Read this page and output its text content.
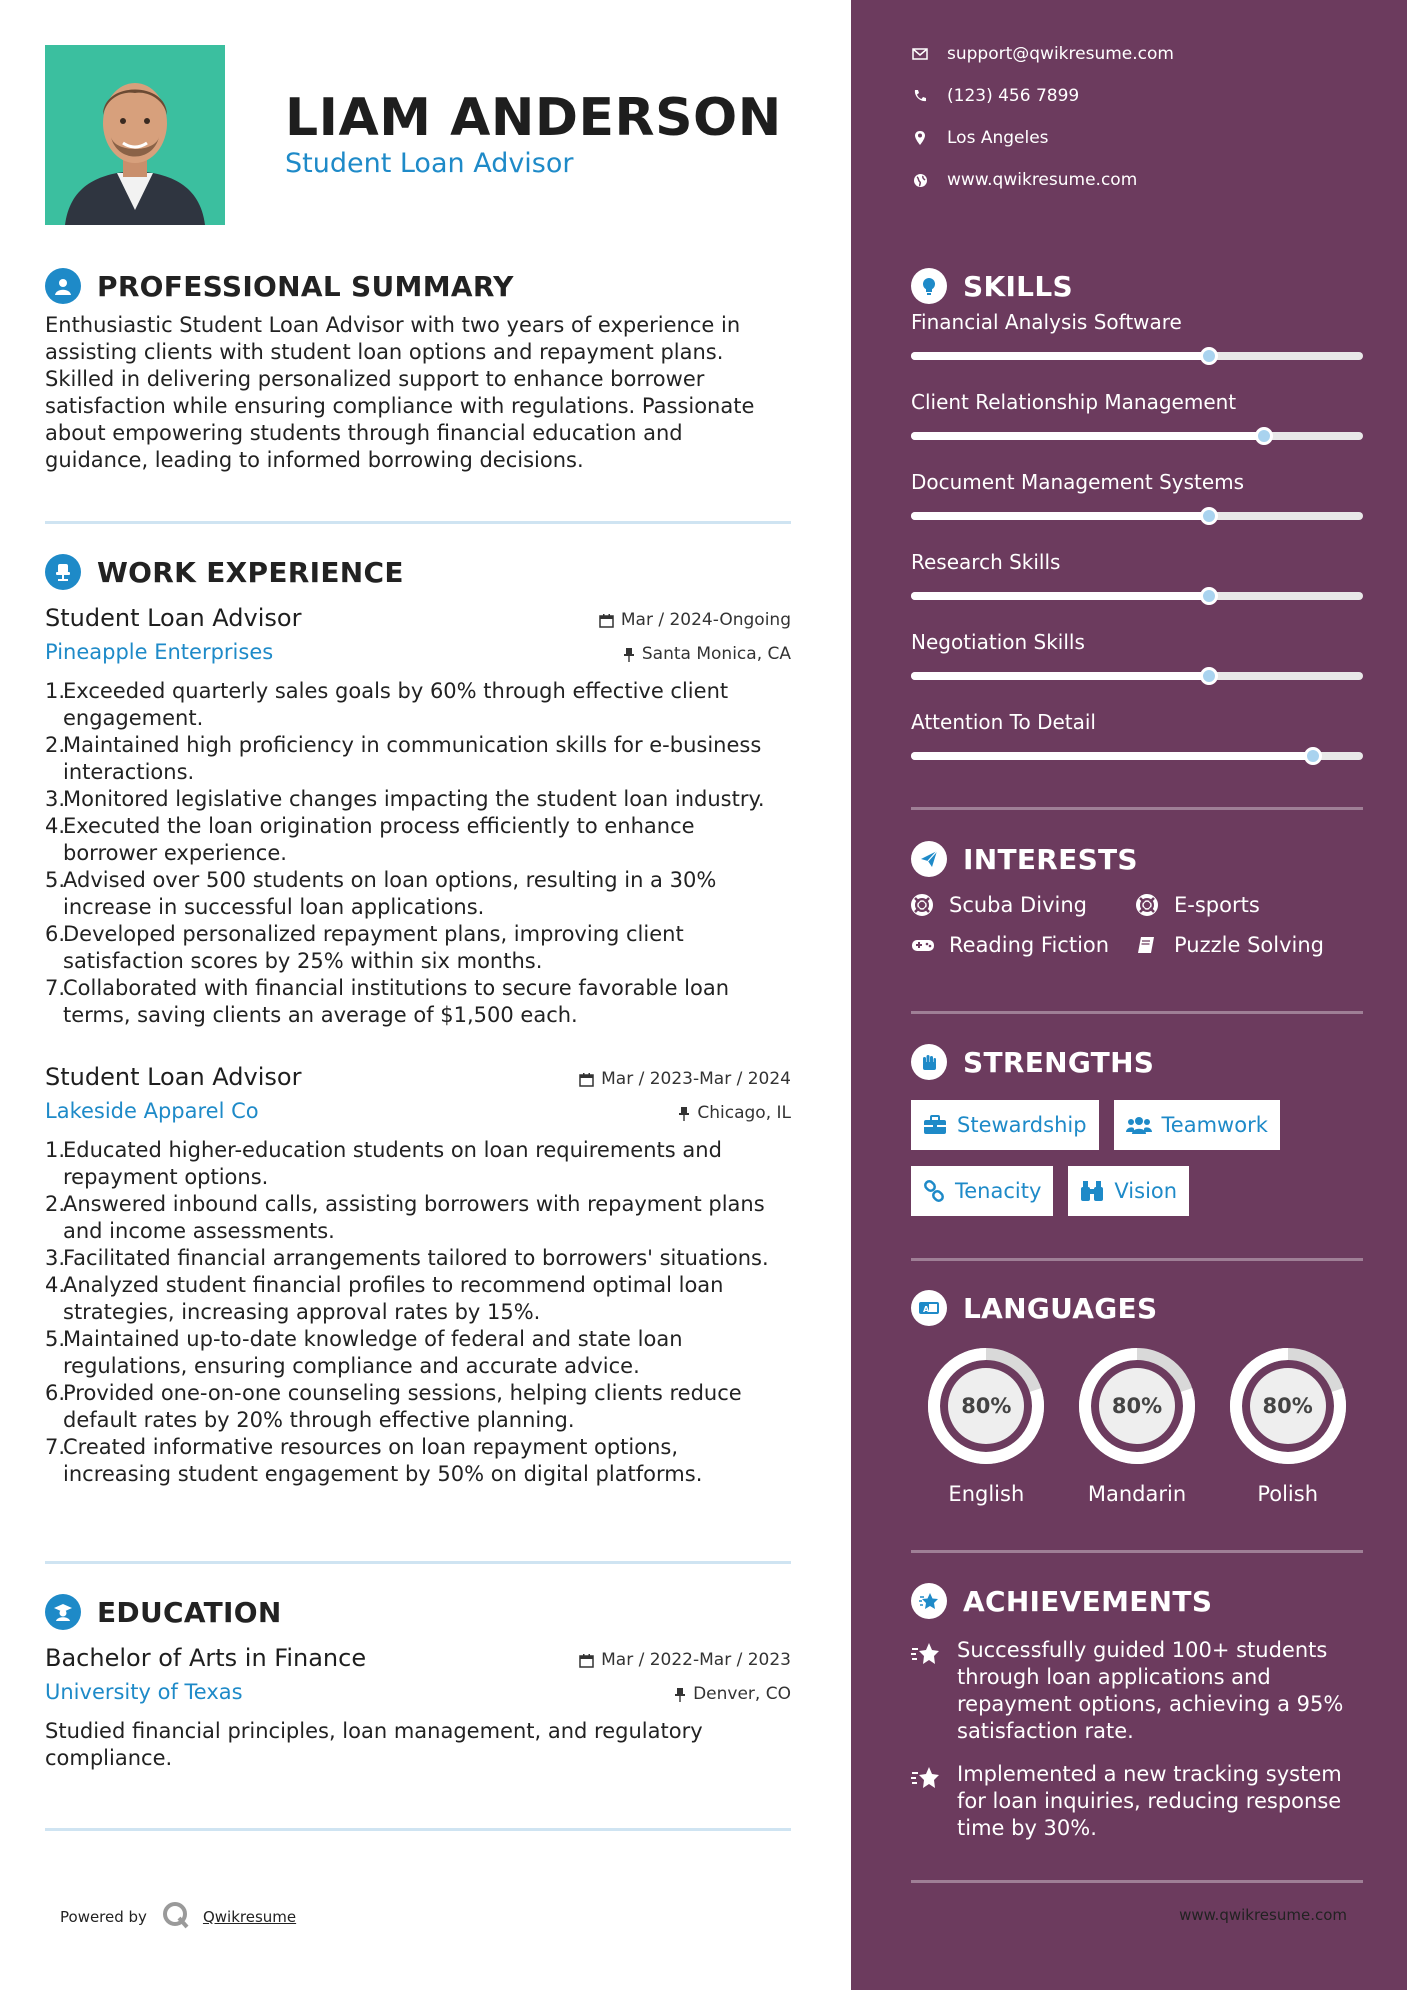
LIAM ANDERSON
Student Loan Advisor
PROFESSIONAL SUMMARY
Enthusiastic Student Loan Advisor with two years of experience in assisting clients with student loan options and repayment plans. Skilled in delivering personalized support to enhance borrower satisfaction while ensuring compliance with regulations. Passionate about empowering students through financial education and guidance, leading to informed borrowing decisions.
WORK EXPERIENCE
Student Loan Advisor	Mar / 2024-Ongoing
Pineapple Enterprises	Santa Monica, CA
1.
Exceeded quarterly sales goals by 60% through effective client engagement.
2.
Maintained high proficiency in communication skills for e-business interactions.
3.
Monitored legislative changes impacting the student loan industry.
4.
Executed the loan origination process efficiently to enhance borrower experience.
5.
Advised over 500 students on loan options, resulting in a 30% increase in successful loan applications.
6.
Developed personalized repayment plans, improving client satisfaction scores by 25% within six months.
7.
Collaborated with financial institutions to secure favorable loan terms, saving clients an average of $1,500 each.
Student Loan Advisor	Mar / 2023-Mar / 2024
Lakeside Apparel Co	Chicago, IL
1.
Educated higher-education students on loan requirements and repayment options.
2.
Answered inbound calls, assisting borrowers with repayment plans and income assessments.
3.
Facilitated financial arrangements tailored to borrowers' situations.
4.
Analyzed student financial profiles to recommend optimal loan strategies, increasing approval rates by 15%.
5.
Maintained up-to-date knowledge of federal and state loan regulations, ensuring compliance and accurate advice.
6.
Provided one-on-one counseling sessions, helping clients reduce default rates by 20% through effective planning.
7.
Created informative resources on loan repayment options, increasing student engagement by 50% on digital platforms.
EDUCATION
Bachelor of Arts in Finance	Mar / 2022-Mar / 2023
University of Texas	Denver, CO
Studied financial principles, loan management, and regulatory compliance.
Powered by	Qwikresume
support@qwikresume.com
(123) 456 7899
Los Angeles
www.qwikresume.com
SKILLS
Financial Analysis Software
Client Relationship Management
Document Management Systems
Research Skills
Negotiation Skills
Attention To Detail
INTERESTS
Scuba Diving	E-sports
Reading Fiction	Puzzle Solving
STRENGTHS
Stewardship	Teamwork
Tenacity	Vision
A LANGUAGES
80%
English
80%
Mandarin
80%
Polish
ACHIEVEMENTS
Successfully guided 100+ students through loan applications and repayment options, achieving a 95% satisfaction rate.
Implemented a new tracking system for loan inquiries, reducing response time by 30%.
www.qwikresume.com
